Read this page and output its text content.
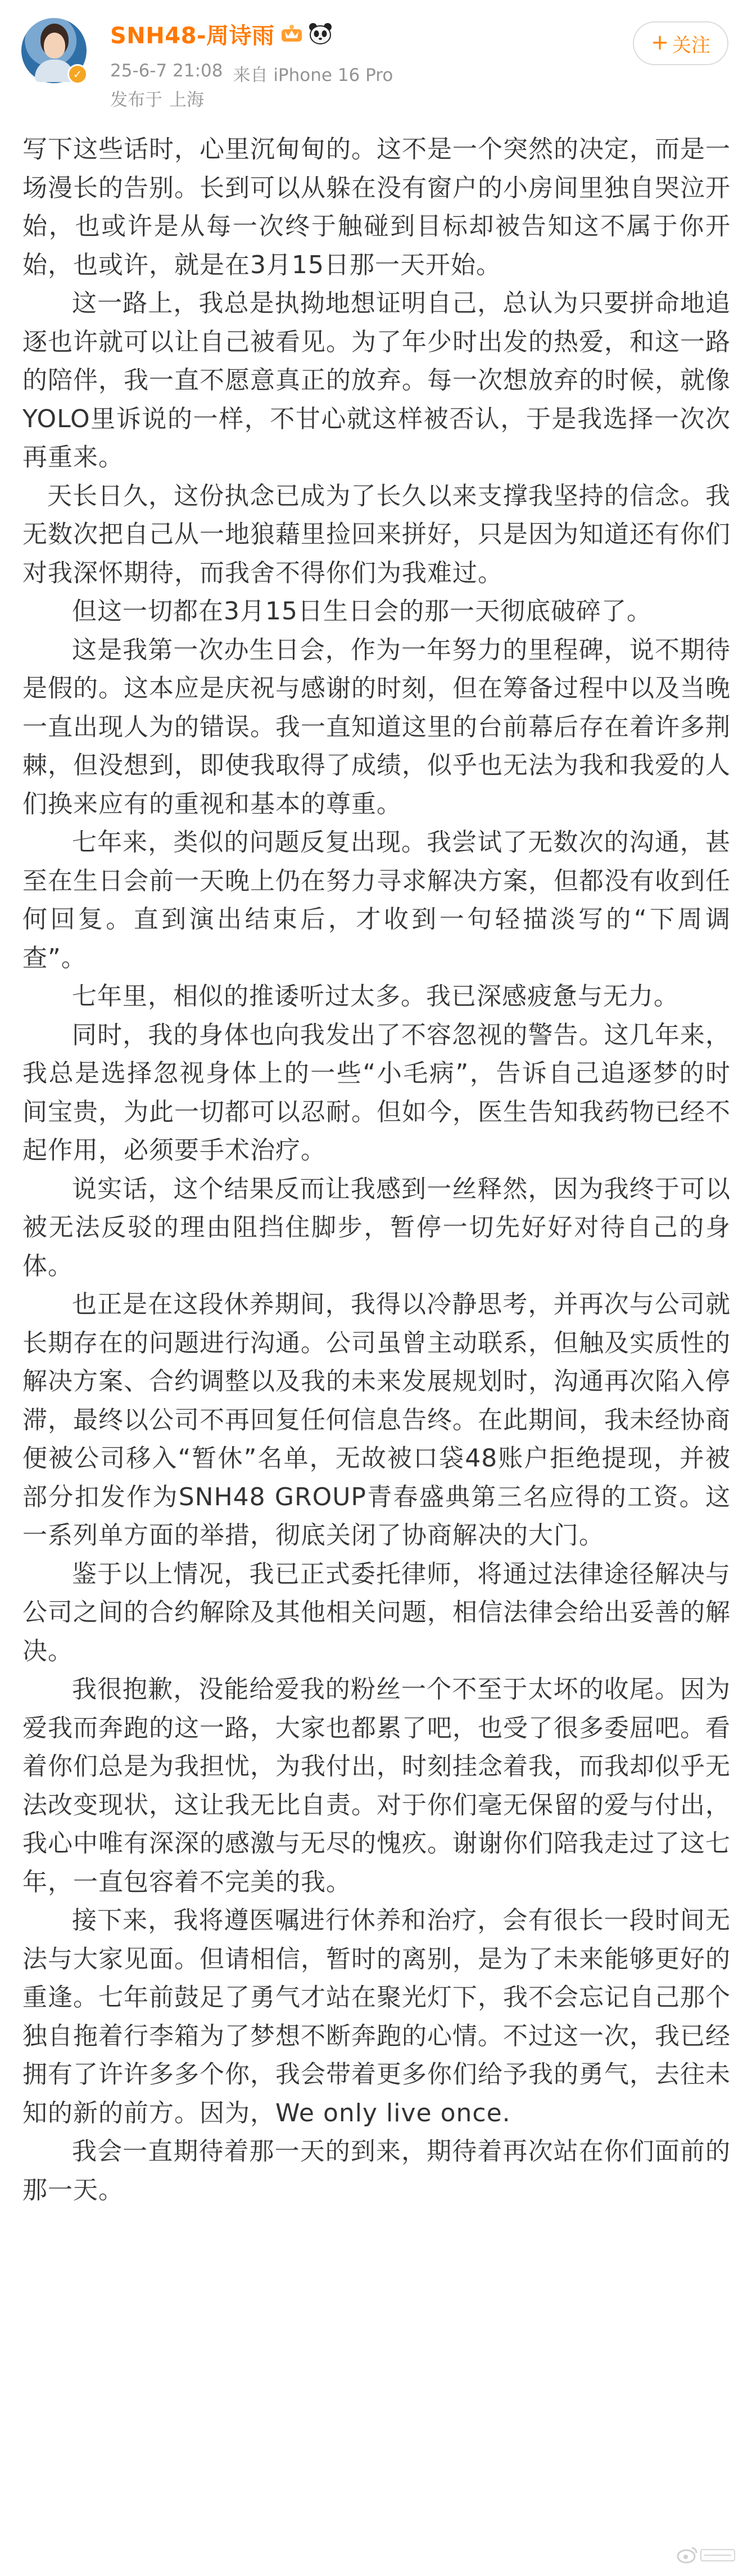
✓
SNH48-周诗雨
25-6-7 21:08 来自 iPhone 16 Pro
发布于 上海
+ 关注

写下这些话时，心里沉甸甸的。这不是一个突然的决定，而是一场漫长的告别。长到可以从躲在没有窗户的小房间里独自哭泣开始，也或许是从每一次终于触碰到目标却被告知这不属于你开始，也或许，就是在3月15日那一天开始。

这一路上，我总是执拗地想证明自己，总认为只要拼命地追逐也许就可以让自己被看见。为了年少时出发的热爱，和这一路的陪伴，我一直不愿意真正的放弃。每一次想放弃的时候，就像YOLO里诉说的一样，不甘心就这样被否认，于是我选择一次次再重来。

天长日久，这份执念已成为了长久以来支撑我坚持的信念。我无数次把自己从一地狼藉里捡回来拼好，只是因为知道还有你们对我深怀期待，而我舍不得你们为我难过。

但这一切都在3月15日生日会的那一天彻底破碎了。

这是我第一次办生日会，作为一年努力的里程碑，说不期待是假的。这本应是庆祝与感谢的时刻，但在筹备过程中以及当晚一直出现人为的错误。我一直知道这里的台前幕后存在着许多荆棘，但没想到，即使我取得了成绩，似乎也无法为我和我爱的人们换来应有的重视和基本的尊重。

七年来，类似的问题反复出现。我尝试了无数次的沟通，甚至在生日会前一天晚上仍在努力寻求解决方案，但都没有收到任何回复。直到演出结束后，才收到一句轻描淡写的“下周调查”。

七年里，相似的推诿听过太多。我已深感疲惫与无力。

同时，我的身体也向我发出了不容忽视的警告。这几年来，我总是选择忽视身体上的一些“小毛病”，告诉自己追逐梦的时间宝贵，为此一切都可以忍耐。但如今，医生告知我药物已经不起作用，必须要手术治疗。

说实话，这个结果反而让我感到一丝释然，因为我终于可以被无法反驳的理由阻挡住脚步，暂停一切先好好对待自己的身体。

也正是在这段休养期间，我得以冷静思考，并再次与公司就长期存在的问题进行沟通。公司虽曾主动联系，但触及实质性的解决方案、合约调整以及我的未来发展规划时，沟通再次陷入停滞，最终以公司不再回复任何信息告终。在此期间，我未经协商便被公司移入“暂休”名单，无故被口袋48账户拒绝提现，并被部分扣发作为SNH48 GROUP青春盛典第三名应得的工资。这一系列单方面的举措，彻底关闭了协商解决的大门。

鉴于以上情况，我已正式委托律师，将通过法律途径解决与公司之间的合约解除及其他相关问题，相信法律会给出妥善的解决。

我很抱歉，没能给爱我的粉丝一个不至于太坏的收尾。因为爱我而奔跑的这一路，大家也都累了吧，也受了很多委屈吧。看着你们总是为我担忧，为我付出，时刻挂念着我，而我却似乎无法改变现状，这让我无比自责。对于你们毫无保留的爱与付出，我心中唯有深深的感激与无尽的愧疚。谢谢你们陪我走过了这七年，一直包容着不完美的我。

接下来，我将遵医嘱进行休养和治疗，会有很长一段时间无法与大家见面。但请相信，暂时的离别，是为了未来能够更好的重逢。七年前鼓足了勇气才站在聚光灯下，我不会忘记自己那个独自拖着行李箱为了梦想不断奔跑的心情。不过这一次，我已经拥有了许许多多个你，我会带着更多你们给予我的勇气，去往未知的新的前方。因为，We only live once.

我会一直期待着那一天的到来，期待着再次站在你们面前的那一天。
